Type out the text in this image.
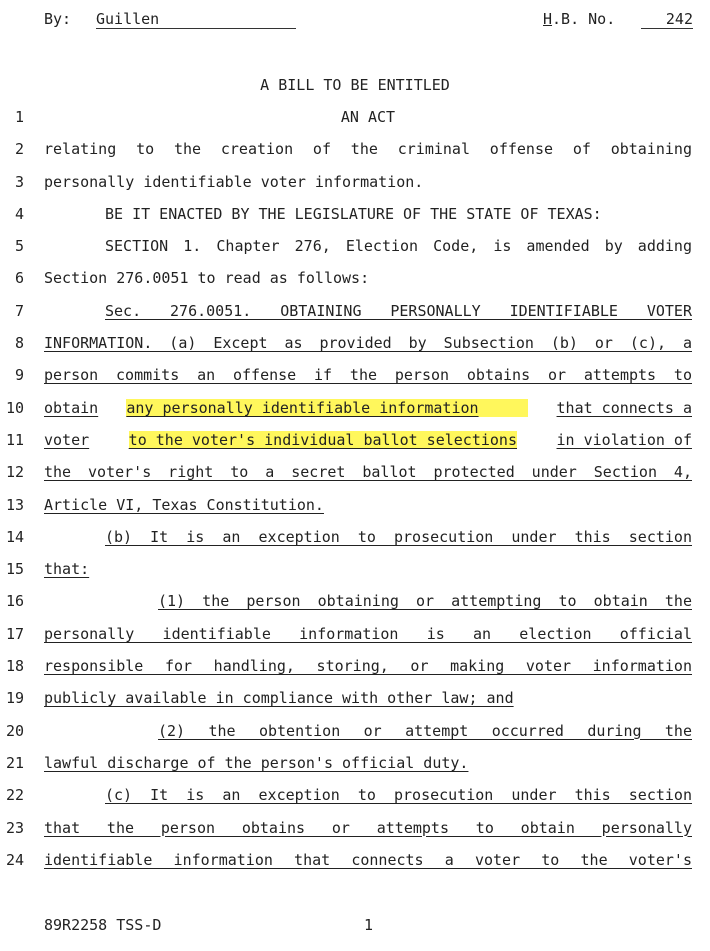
By: Guillen	H.B. No.	242
A BILL TO BE ENTITLED
1	AN ACT
2 relating to the creation of the criminal offense of obtaining
3 personally identifiable voter information.
4	BE IT ENACTED BY THE LEGISLATURE OF THE STATE OF TEXAS:
5	SECTION 1. Chapter 276, Election Code, is amended by adding
6 Section 276.0051 to read as follows:
7	Sec. 276.0051. OBTAINING PERSONALLY IDENTIFIABLE VOTER
8 INFORMATION. (a) Except as provided by Subsection (b) or (c), a
9 person commits an offense if the person obtains or attempts to
10 obtain any personally identifiable information	that connects a
11 voter	to the voter's individual ballot selections	in violation of
12 the voter's right to a secret ballot protected under Section 4,
13 Article VI, Texas Constitution.
14	(b) It is an exception to prosecution under this section
15 that:
16	(1) the person obtaining or attempting to obtain the
17 personally identifiable information is an election official
18 responsible for handling, storing, or making voter information
19 publicly available in compliance with other law; and
20	(2) the obtention or attempt occurred during the
21 lawful discharge of the person's official duty.
22	(c) It is an exception to prosecution under this section
23 that the person obtains or attempts to obtain personally
24 identifiable information that connects a voter to the voter's
89R2258 TSS-D	1
